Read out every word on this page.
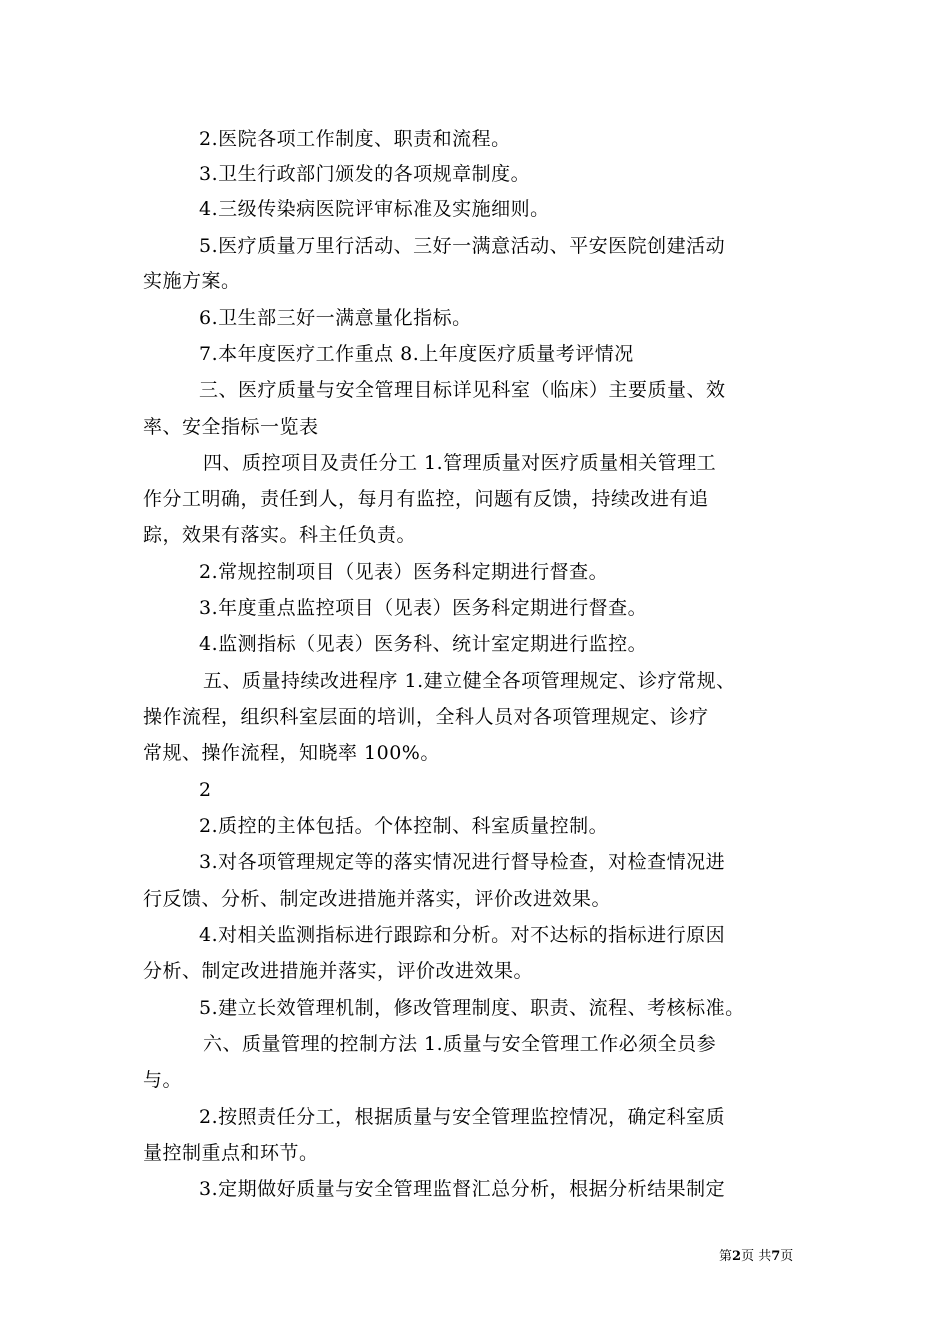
2.医院各项工作制度、职责和流程。
3.卫生行政部门颁发的各项规章制度。
4.三级传染病医院评审标准及实施细则。
5.医疗质量万里行活动、三好一满意活动、平安医院创建活动
实施方案。
6.卫生部三好一满意量化指标。
7.本年度医疗工作重点 8.上年度医疗质量考评情况
三、医疗质量与安全管理目标详见科室（临床）主要质量、效
率、安全指标一览表
四、质控项目及责任分工 1.管理质量对医疗质量相关管理工
作分工明确，责任到人，每月有监控，问题有反馈，持续改进有追
踪，效果有落实。科主任负责。
2.常规控制项目（见表）医务科定期进行督查。
3.年度重点监控项目（见表）医务科定期进行督查。
4.监测指标（见表）医务科、统计室定期进行监控。
五、质量持续改进程序 1.建立健全各项管理规定、诊疗常规、
操作流程，组织科室层面的培训，全科人员对各项管理规定、诊疗
常规、操作流程，知晓率 100%。
2
2.质控的主体包括。个体控制、科室质量控制。
3.对各项管理规定等的落实情况进行督导检查，对检查情况进
行反馈、分析、制定改进措施并落实，评价改进效果。
4.对相关监测指标进行跟踪和分析。对不达标的指标进行原因
分析、制定改进措施并落实，评价改进效果。
5.建立长效管理机制，修改管理制度、职责、流程、考核标准。
六、质量管理的控制方法 1.质量与安全管理工作必须全员参
与。
2.按照责任分工，根据质量与安全管理监控情况，确定科室质
量控制重点和环节。
3.定期做好质量与安全管理监督汇总分析，根据分析结果制定
第2页 共7页
